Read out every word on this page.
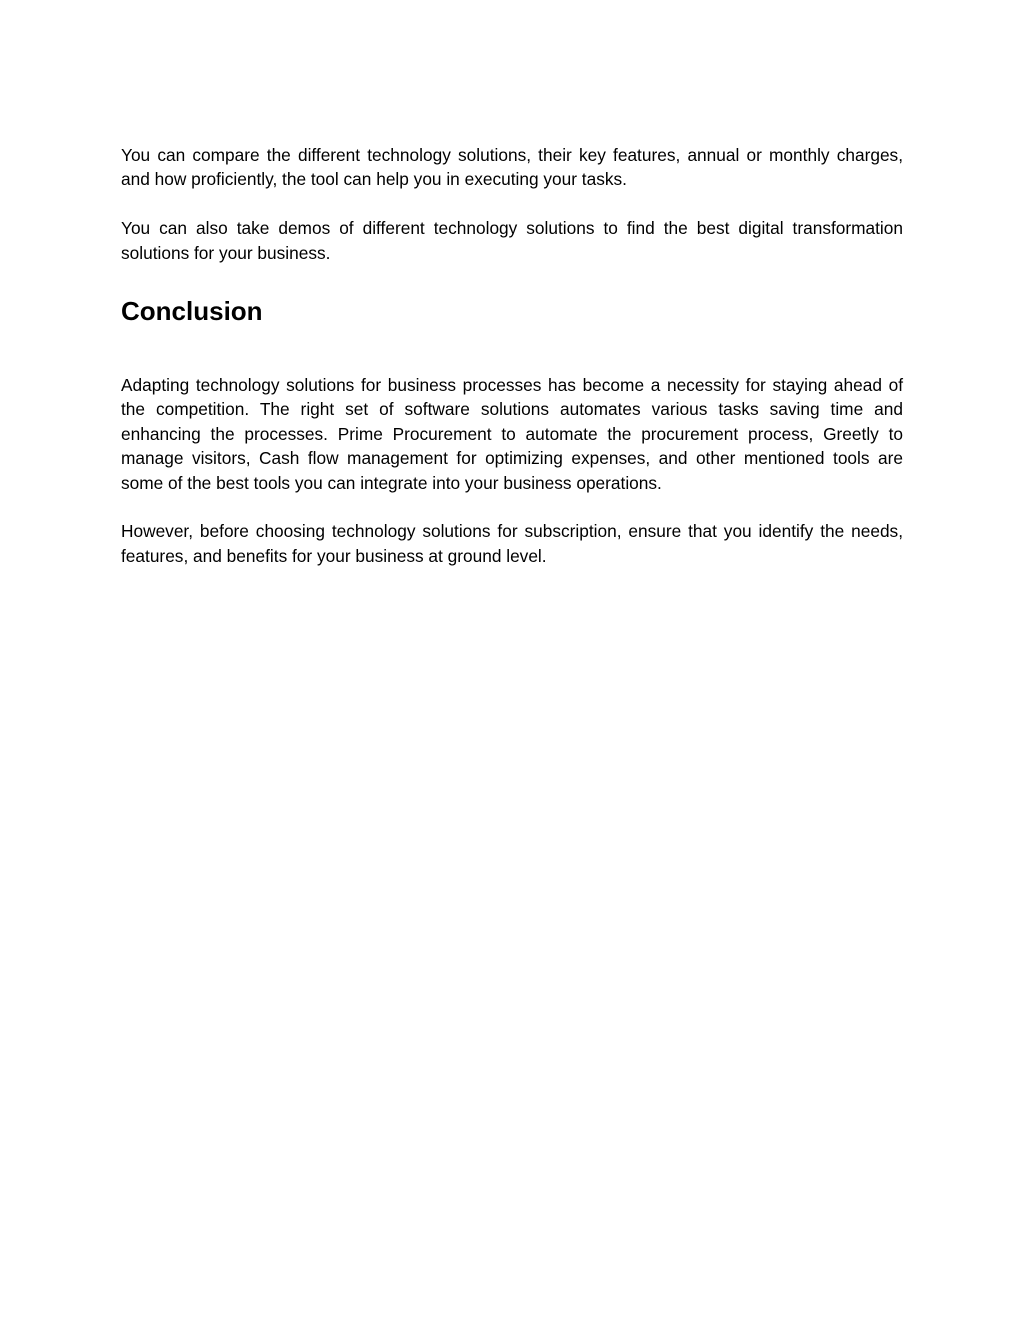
You can compare the different technology solutions, their key features, annual or monthly charges, and how proficiently, the tool can help you in executing your tasks.

You can also take demos of different technology solutions to find the best digital transformation solutions for your business.

Conclusion

Adapting technology solutions for business processes has become a necessity for staying ahead of the competition. The right set of software solutions automates various tasks saving time and enhancing the processes. Prime Procurement to automate the procurement process, Greetly to manage visitors, Cash flow management for optimizing expenses, and other mentioned tools are some of the best tools you can integrate into your business operations.

However, before choosing technology solutions for subscription, ensure that you identify the needs, features, and benefits for your business at ground level.
